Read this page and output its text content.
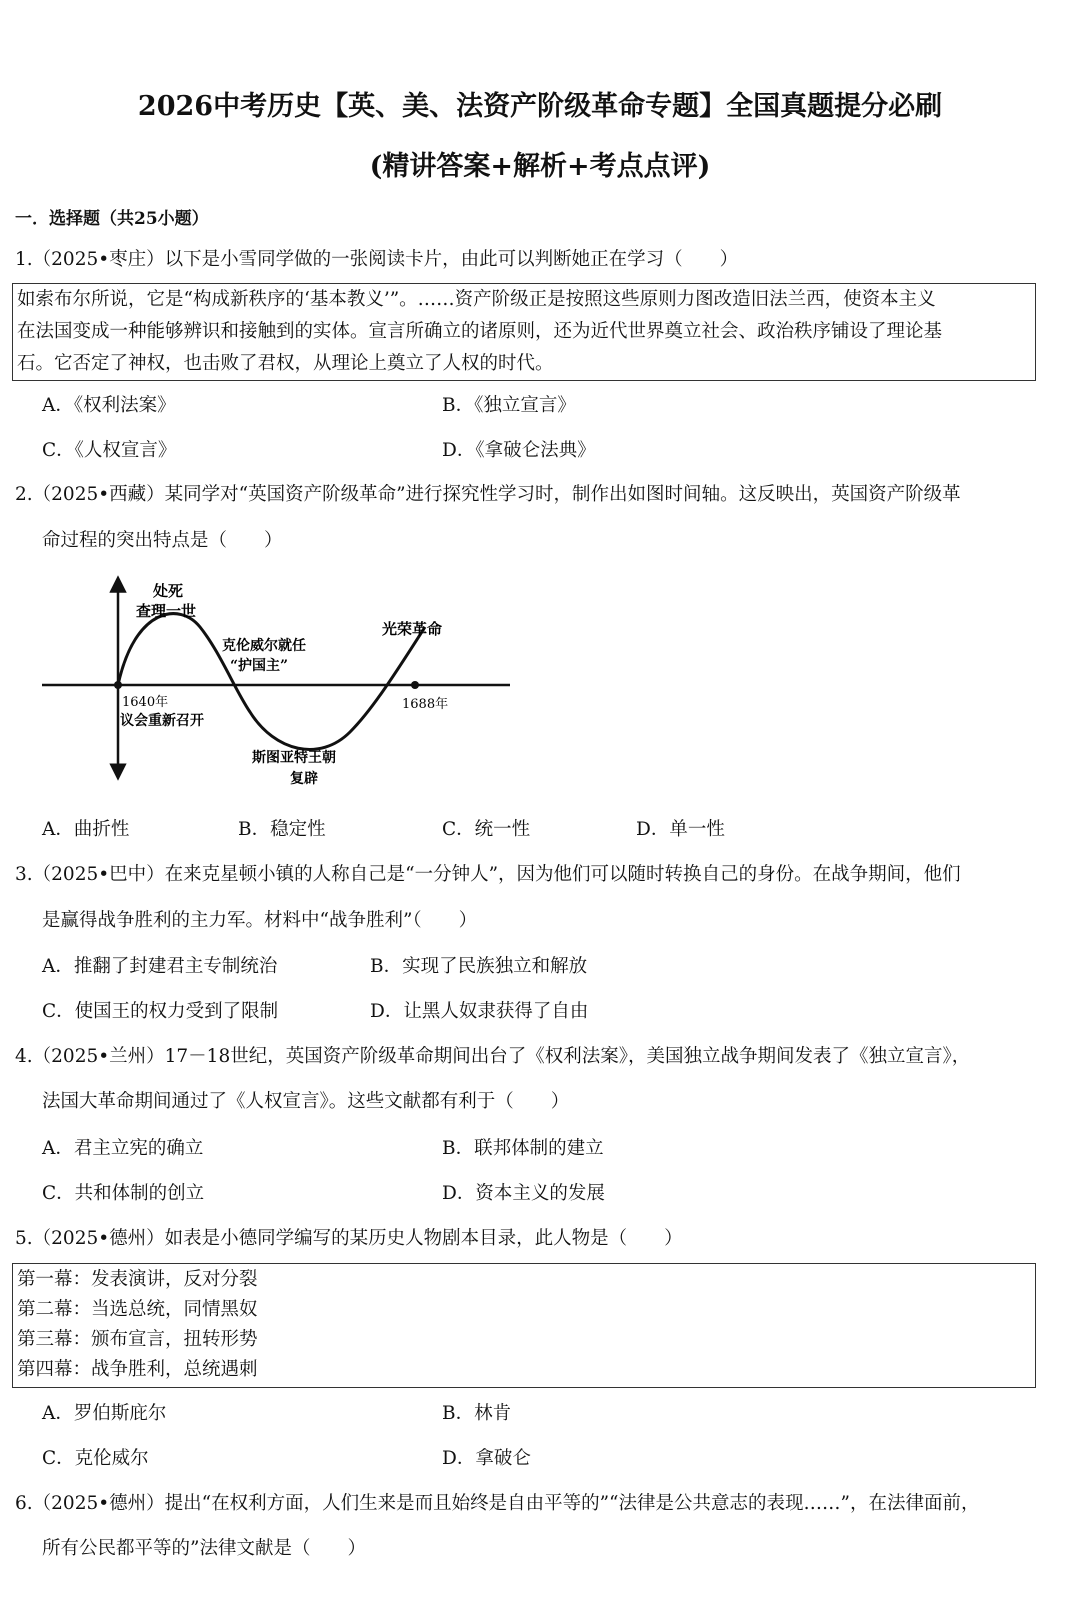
2026中考历史【英、美、法资产阶级革命专题】全国真题提分必刷
(精讲答案+解析+考点点评)
一．选择题（共25小题）
1.（2025•枣庄）以下是小雪同学做的一张阅读卡片，由此可以判断她正在学习（　　）
如索布尔所说，它是“构成新秩序的‘基本教义’”。……资产阶级正是按照这些原则力图改造旧法兰西，使资本主义
在法国变成一种能够辨识和接触到的实体。宣言所确立的诸原则，还为近代世界奠立社会、政治秩序铺设了理论基
石。它否定了神权，也击败了君权，从理论上奠立了人权的时代。
A．《权利法案》	B．《独立宣言》
C．《人权宣言》	D．《拿破仑法典》
2.（2025•西藏）某同学对“英国资产阶级革命”进行探究性学习时，制作出如图时间轴。这反映出，英国资产阶级革
命过程的突出特点是（　　）
处死
查理一世
克伦威尔就任
“护国主”
光荣革命
1640年
议会重新召开
1688年
斯图亚特王朝
复辟
A．曲折性	B．稳定性	C．统一性	D．单一性
3.（2025•巴中）在来克星顿小镇的人称自己是“一分钟人”，因为他们可以随时转换自己的身份。在战争期间，他们
是赢得战争胜利的主力军。材料中“战争胜利”（　　）
A．推翻了封建君主专制统治	B．实现了民族独立和解放
C．使国王的权力受到了限制	D．让黑人奴隶获得了自由
4.（2025•兰州）17－18世纪，英国资产阶级革命期间出台了《权利法案》，美国独立战争期间发表了《独立宣言》，
法国大革命期间通过了《人权宣言》。这些文献都有利于（　　）
A．君主立宪的确立	B．联邦体制的建立
C．共和体制的创立	D．资本主义的发展
5.（2025•德州）如表是小德同学编写的某历史人物剧本目录，此人物是（　　）
第一幕：发表演讲，反对分裂
第二幕：当选总统，同情黑奴
第三幕：颁布宣言，扭转形势
第四幕：战争胜利，总统遇刺
A．罗伯斯庇尔	B．林肯
C．克伦威尔	D．拿破仑
6.（2025•德州）提出“在权利方面，人们生来是而且始终是自由平等的”“法律是公共意志的表现……”，在法律面前，
所有公民都平等的”法律文献是（　　）
